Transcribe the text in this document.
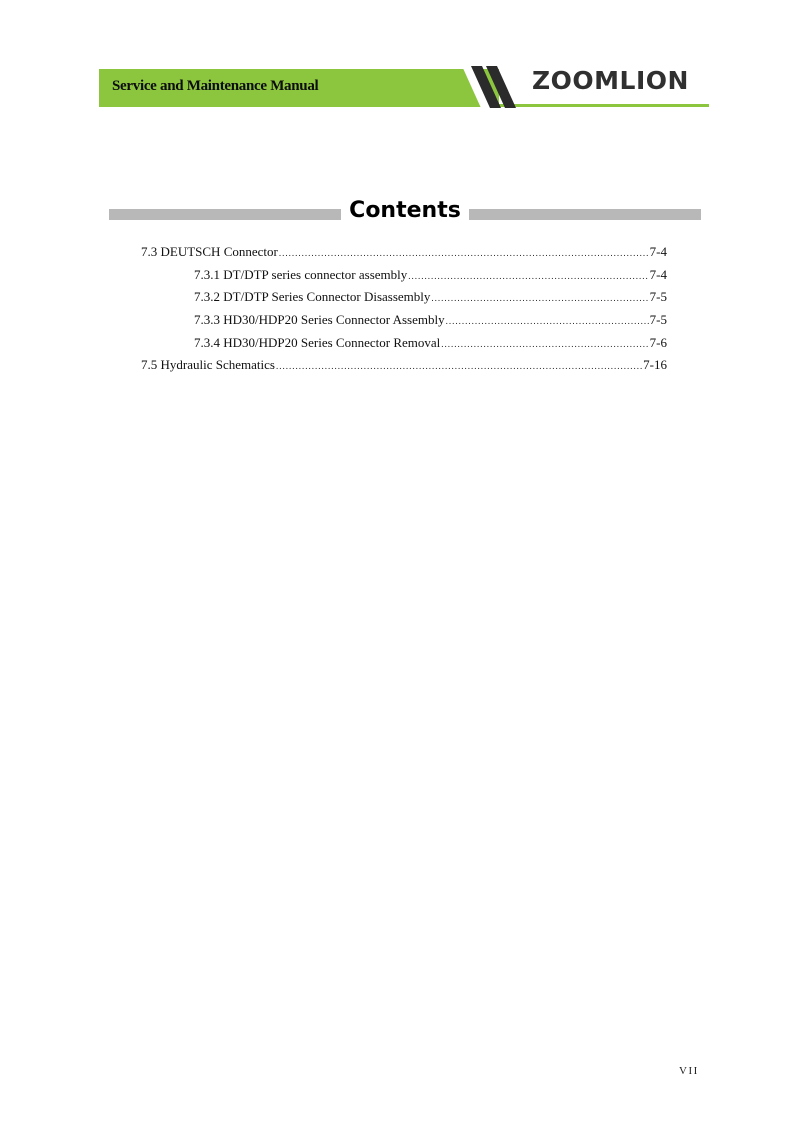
Service and Maintenance Manual	ZOOMLION
Contents
7.3 DEUTSCH Connector .....	7-4
7.3.1 DT/DTP series connector assembly .....	7-4
7.3.2 DT/DTP Series Connector Disassembly .....	7-5
7.3.3 HD30/HDP20 Series Connector Assembly .....	7-5
7.3.4 HD30/HDP20 Series Connector Removal .....	7-6
7.5 Hydraulic Schematics .....	7-16
VII
